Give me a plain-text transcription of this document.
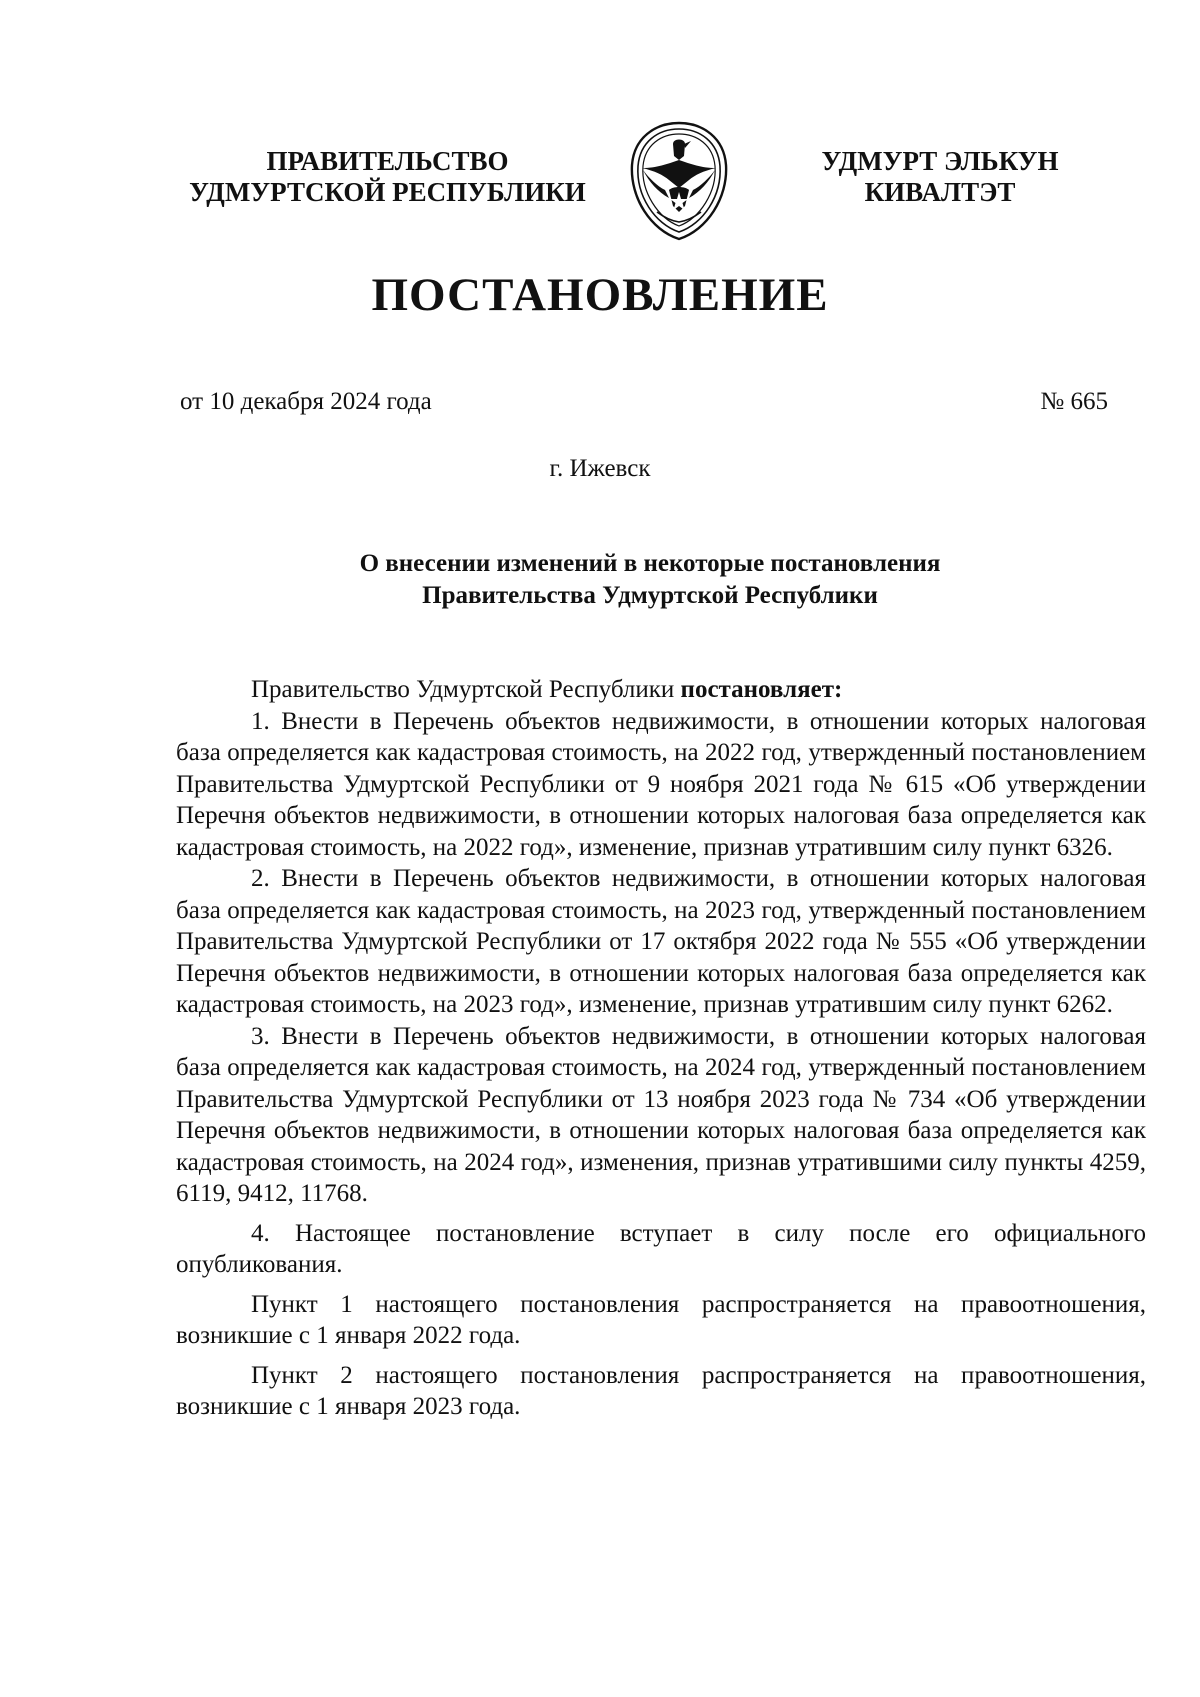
ПРАВИТЕЛЬСТВО
УДМУРТСКОЙ РЕСПУБЛИКИ
УДМУРТ ЭЛЬКУН
КИВАЛТЭТ
ПОСТАНОВЛЕНИЕ
от 10 декабря 2024 года	№ 665
г. Ижевск
О внесении изменений в некоторые постановления
Правительства Удмуртской Республики
Правительство Удмуртской Республики постановляет:

1. Внести в Перечень объектов недвижимости, в отношении которых налоговая база определяется как кадастровая стоимость, на 2022 год, утвержденный постановлением Правительства Удмуртской Республики от 9 ноября 2021 года № 615 «Об утверждении Перечня объектов недвижимости, в отношении которых налоговая база определяется как кадастровая стоимость, на 2022 год», изменение, признав утратившим силу пункт 6326.

2. Внести в Перечень объектов недвижимости, в отношении которых налоговая база определяется как кадастровая стоимость, на 2023 год, утвержденный постановлением Правительства Удмуртской Республики от 17 октября 2022 года № 555 «Об утверждении Перечня объектов недвижимости, в отношении которых налоговая база определяется как кадастровая стоимость, на 2023 год», изменение, признав утратившим силу пункт 6262.

3. Внести в Перечень объектов недвижимости, в отношении которых налоговая база определяется как кадастровая стоимость, на 2024 год, утвержденный постановлением Правительства Удмуртской Республики от 13 ноября 2023 года № 734 «Об утверждении Перечня объектов недвижимости, в отношении которых налоговая база определяется как кадастровая стоимость, на 2024 год», изменения, признав утратившими силу пункты 4259, 6119, 9412, 11768.

4. Настоящее постановление вступает в силу после его официального опубликования.

Пункт 1 настоящего постановления распространяется на правоотношения, возникшие с 1 января 2022 года.

Пункт 2 настоящего постановления распространяется на правоотношения, возникшие с 1 января 2023 года.
